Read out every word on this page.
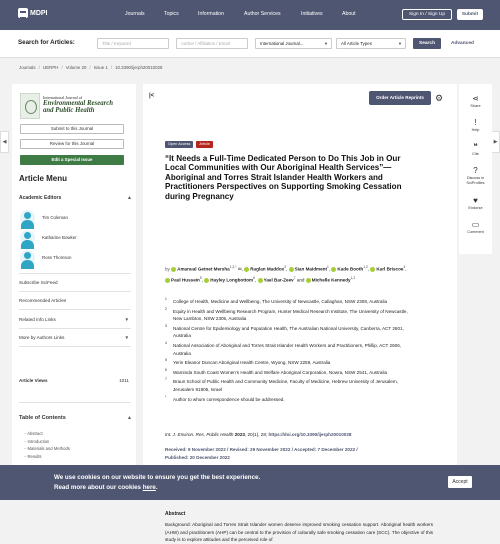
MDPI	Journals	Topics	Information	Author Services	Initiatives	About	Sign In / Sign Up	Submit
Search for Articles:	Title / Keyword	Author / Affiliation / Email	International Journal...	▼	All Article Types	▼	Search	Advanced
Journals / IJERPH / Volume 20 / Issue 1 / 10.3390/ijerph20010028
◀	▶
International Journal of
Environmental Research and Public Health
Submit to this Journal
Review for this Journal
Edit a Special Issue
Article Menu
Academic Editors	▲
Tim Coleman
Katharine Bowker
Ross Thomson
Subscribe SciFeed
Recommended Articles
Related Info Links	▼
More by Authors Links	▼
Article Views	1011
Table of Contents	▲
– Abstract
– Introduction
– Materials and Methods
– Results
|<	Order Article Reprints	⚙
Open Access	Article
“It Needs a Full-Time Dedicated Person to Do This Job in Our Local Communities with Our Aboriginal Health Services”—Aboriginal and Torres Strait Islander Health Workers and Practitioners Perspectives on Supporting Smoking Cessation during Pregnancy
by Amanual Getnet Mersha$^{1,2,*}$ ✉, Raglan Maddox$^3$, Sian Maidment$^1$, Kade Booth$^{1,2}$, Karl Briscoe$^4$, Paul Hussein$^5$, Hayley Longbottom$^6$, Yael Bar-Zeev$^7$ and Michelle Kennedy$^{1,2}$
1 College of Health, Medicine and Wellbeing, The University of Newcastle, Callaghan, NSW 2308, Australia
2 Equity in Health and Wellbeing Research Program, Hunter Medical Research Institute, The University of Newcastle, New Lambton, NSW 2305, Australia
3 National Centre for Epidemiology and Population Health, The Australian National University, Canberra, ACT 2601, Australia
4 National Association of Aboriginal and Torres Strait Islander Health Workers and Practitioners, Phillip, ACT 2606, Australia
5 Yerin Eleanor Duncan Aboriginal Health Centre, Wyong, NSW 2259, Australia
6 Waminda South Coast Women’s Health and Welfare Aboriginal Corporation, Nowra, NSW 2541, Australia
7 Braun School of Public Health and Community Medicine, Faculty of Medicine, Hebrew University of Jerusalem, Jerusalem 91905, Israel
* Author to whom correspondence should be addressed.
Int. J. Environ. Res. Public Health 2023, 20(1), 28; https://doi.org/10.3390/ijerph20010028
Received: 9 November 2022 / Revised: 29 November 2022 / Accepted: 7 December 2022 /
Published: 20 December 2022
Abstract

Background: Aboriginal and Torres Strait Islander women deserve improved smoking cessation support. Aboriginal health workers (AHW) and practitioners (AHP) can be central to the provision of culturally safe smoking cessation care (SCC). The objective of this study is to explore attitudes and the perceived role of

⋖
Share
!
Help
❝
Cite
?
Discuss in SciProfiles
♥
Endorse
▭
Comment
We use cookies on our website to ensure you get the best experience.
Read more about our cookies here.
Accept
